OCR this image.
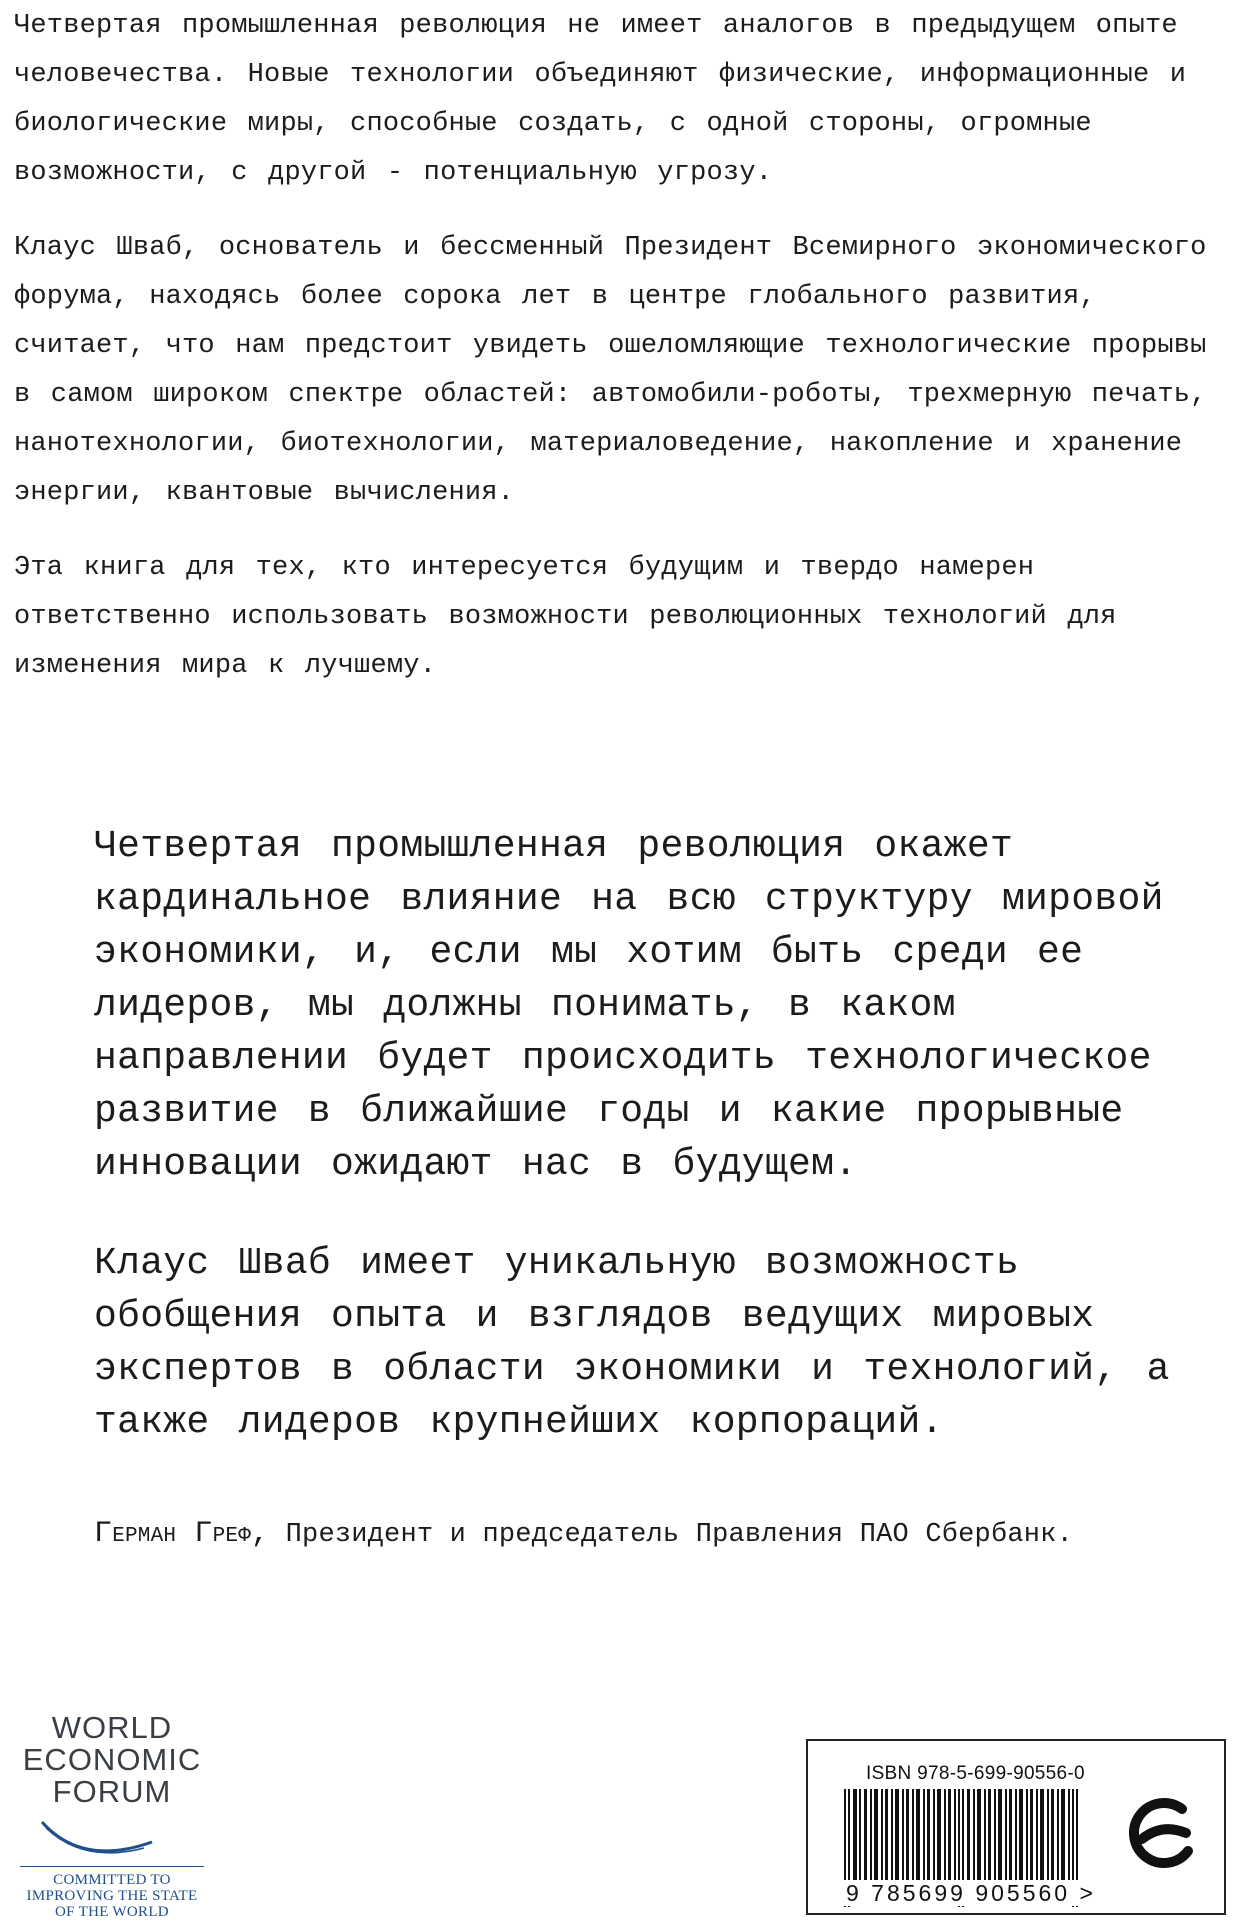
Четвертая промышленная революция не имеет аналогов в предыдущем опыте человечества. Новые технологии объединяют физические, информационные и биологические миры, способные создать, с одной стороны, огромные возможности, с другой - потенциальную угрозу.

Клаус Шваб, основатель и бессменный Президент Всемирного экономического форума, находясь более сорока лет в центре глобального развития, считает, что нам предстоит увидеть ошеломляющие технологические прорывы в самом широком спектре областей: автомобили-роботы, трехмерную печать, нанотехнологии, биотехнологии, материаловедение, накопление и хранение энергии, квантовые вычисления.

Эта книга для тех, кто интересуется будущим и твердо намерен ответственно использовать возможности революционных технологий для изменения мира к лучшему.

Четвертая промышленная революция окажет кардинальное влияние на всю структуру мировой экономики, и, если мы хотим быть среди ее лидеров, мы должны понимать, в каком направлении будет происходить технологическое развитие в ближайшие годы и какие прорывные инновации ожидают нас в будущем.

Клаус Шваб имеет уникальную возможность обобщения опыта и взглядов ведущих мировых экспертов в области экономики и технологий, а также лидеров крупнейших корпораций.

Герман Греф, Президент и председатель Правления ПАО Сбербанк.
WORLD
ECONOMIC
FORUM
COMMITTED TO
IMPROVING THE STATE
OF THE WORLD
ISBN 978-5-699-90556-0
9 785699 905560 >
